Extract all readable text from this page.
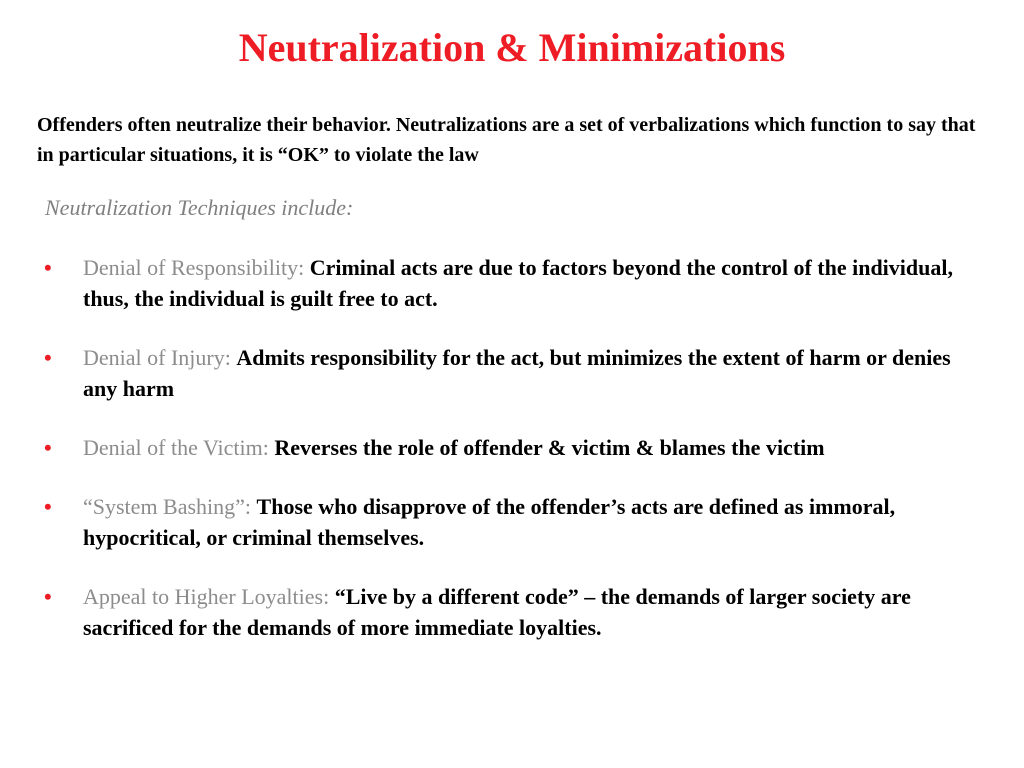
Neutralization & Minimizations
Offenders often neutralize their behavior. Neutralizations are a set of verbalizations which function to say that in particular situations, it is “OK” to violate the law
Neutralization Techniques include:
• Denial of Responsibility: Criminal acts are due to factors beyond the control of the individual, thus, the individual is guilt free to act.
• Denial of Injury: Admits responsibility for the act, but minimizes the extent of harm or denies any harm
• Denial of the Victim: Reverses the role of offender & victim & blames the victim
• “System Bashing”: Those who disapprove of the offender’s acts are defined as immoral, hypocritical, or criminal themselves.
• Appeal to Higher Loyalties: “Live by a different code” – the demands of larger society are sacrificed for the demands of more immediate loyalties.
